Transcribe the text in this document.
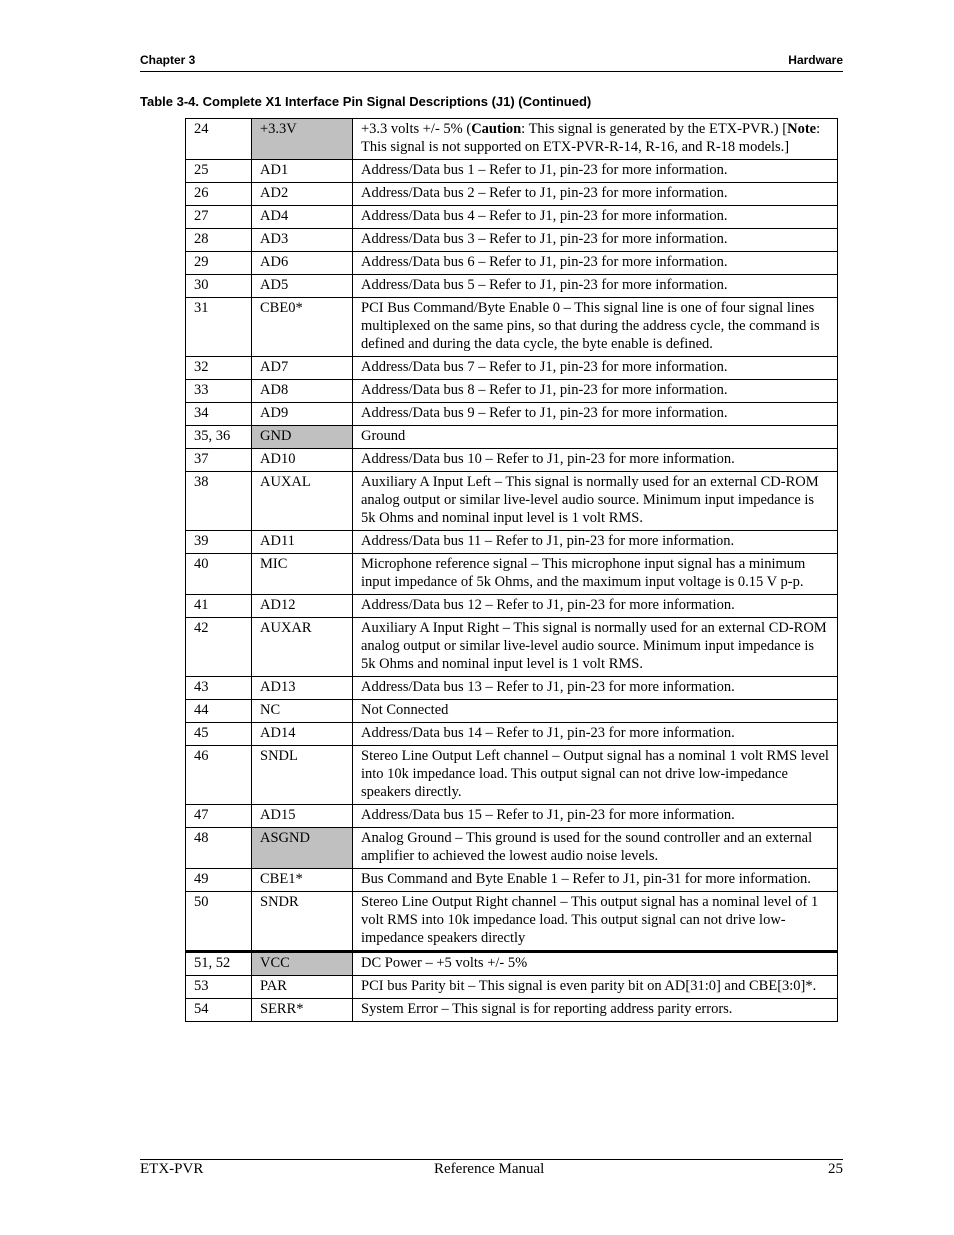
Chapter 3	Hardware
Table 3-4. Complete X1 Interface Pin Signal Descriptions (J1) (Continued)
24	+3.3V	+3.3 volts +/- 5% (Caution: This signal is generated by the ETX-PVR.) [Note: This signal is not supported on ETX-PVR-R-14, R-16, and R-18 models.]
25	AD1	Address/Data bus 1 – Refer to J1, pin-23 for more information.
26	AD2	Address/Data bus 2 – Refer to J1, pin-23 for more information.
27	AD4	Address/Data bus 4 – Refer to J1, pin-23 for more information.
28	AD3	Address/Data bus 3 – Refer to J1, pin-23 for more information.
29	AD6	Address/Data bus 6 – Refer to J1, pin-23 for more information.
30	AD5	Address/Data bus 5 – Refer to J1, pin-23 for more information.
31	CBE0*	PCI Bus Command/Byte Enable 0 – This signal line is one of four signal lines multiplexed on the same pins, so that during the address cycle, the command is defined and during the data cycle, the byte enable is defined.
32	AD7	Address/Data bus 7 – Refer to J1, pin-23 for more information.
33	AD8	Address/Data bus 8 – Refer to J1, pin-23 for more information.
34	AD9	Address/Data bus 9 – Refer to J1, pin-23 for more information.
35, 36	GND	Ground
37	AD10	Address/Data bus 10 – Refer to J1, pin-23 for more information.
38	AUXAL	Auxiliary A Input Left – This signal is normally used for an external CD-ROM analog output or similar live-level audio source. Minimum input impedance is 5k Ohms and nominal input level is 1 volt RMS.
39	AD11	Address/Data bus 11 – Refer to J1, pin-23 for more information.
40	MIC	Microphone reference signal – This microphone input signal has a minimum input impedance of 5k Ohms, and the maximum input voltage is 0.15 V p-p.
41	AD12	Address/Data bus 12 – Refer to J1, pin-23 for more information.
42	AUXAR	Auxiliary A Input Right – This signal is normally used for an external CD-ROM analog output or similar live-level audio source. Minimum input impedance is 5k Ohms and nominal input level is 1 volt RMS.
43	AD13	Address/Data bus 13 – Refer to J1, pin-23 for more information.
44	NC	Not Connected
45	AD14	Address/Data bus 14 – Refer to J1, pin-23 for more information.
46	SNDL	Stereo Line Output Left channel – Output signal has a nominal 1 volt RMS level into 10k impedance load. This output signal can not drive low-impedance speakers directly.
47	AD15	Address/Data bus 15 – Refer to J1, pin-23 for more information.
48	ASGND	Analog Ground – This ground is used for the sound controller and an external amplifier to achieved the lowest audio noise levels.
49	CBE1*	Bus Command and Byte Enable 1 – Refer to J1, pin-31 for more information.
50	SNDR	Stereo Line Output Right channel – This output signal has a nominal level of 1 volt RMS into 10k impedance load. This output signal can not drive low-impedance speakers directly
51, 52	VCC	DC Power – +5 volts +/- 5%
53	PAR	PCI bus Parity bit – This signal is even parity bit on AD[31:0] and CBE[3:0]*.
54	SERR*	System Error – This signal is for reporting address parity errors.
ETX-PVR	Reference Manual	25
